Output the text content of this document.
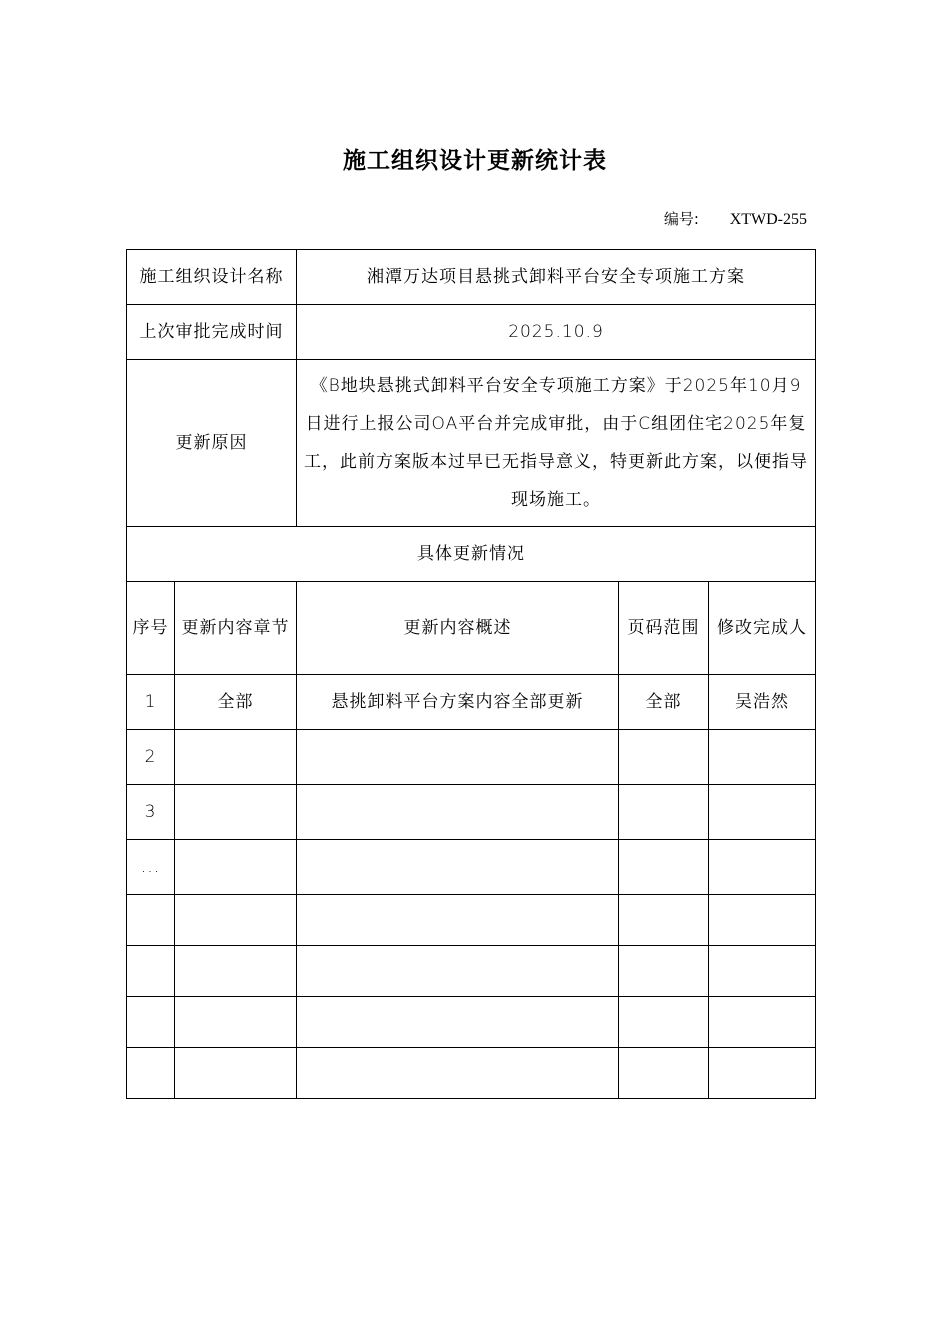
施工组织设计更新统计表
编号: XTWD-255
施工组织设计名称		湘潭万达项目悬挑式卸料平台安全专项施工方案		
上次审批完成时间		2025.10.9		
更新原因		《B地块悬挑式卸料平台安全专项施工方案》于2025年10月9日进行上报公司OA平台并完成审批，由于C组团住宅2025年复工，此前方案版本过早已无指导意义，特更新此方案，以便指导现场施工。		
具体更新情况				
序号	更新内容章节	更新内容概述	页码范围	修改完成人
1	全部	悬挑卸料平台方案内容全部更新	全部	吴浩然
2				
3				
...				
